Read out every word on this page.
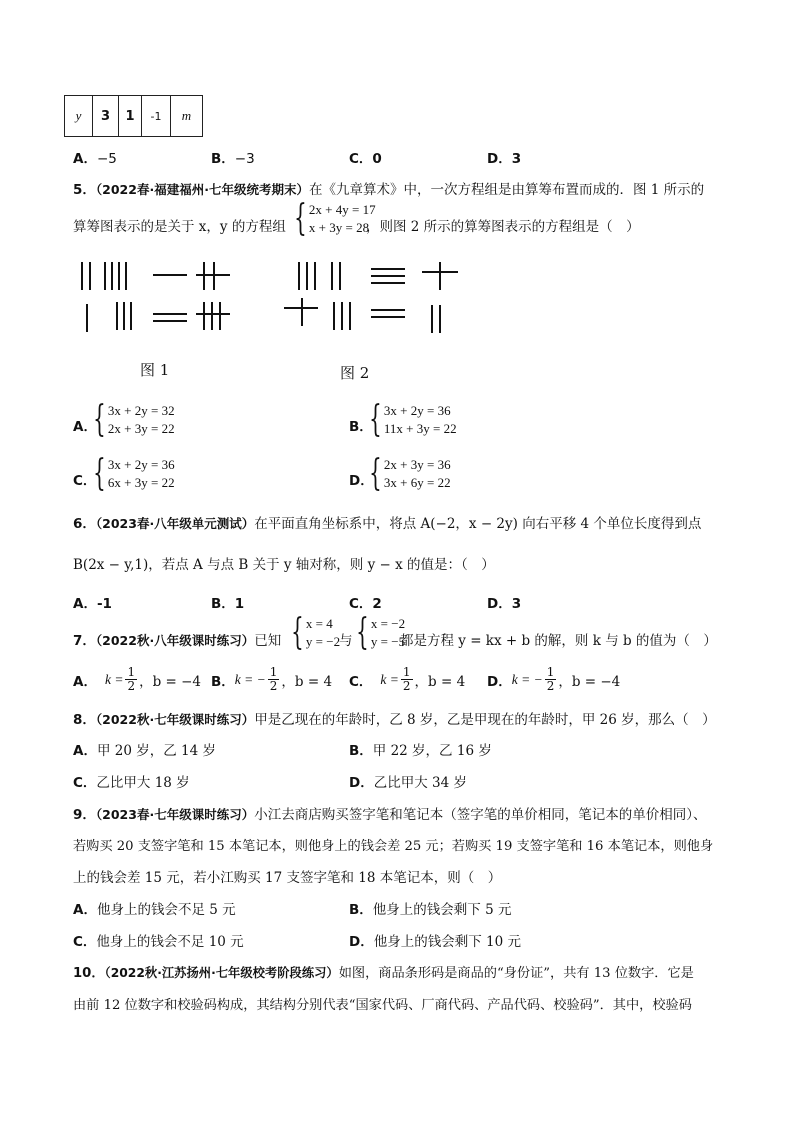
y	3	1	-1	m
A．−5	B．−3	C．0	D．3
5．（2022春·福建福州·七年级统考期末）在《九章算术》中，一次方程组是由算筹布置而成的．图 1 所示的
算筹图表示的是关于 x，y 的方程组 { 2x + 4y = 17
x + 3y = 28
，则图 2 所示的算筹图表示的方程组是（　）
图 1	图 2
A．
{ 3x + 2y = 32
2x + 3y = 22	B．
{ 3x + 2y = 36
11x + 3y = 22
C．
{ 3x + 2y = 36
6x + 3y = 22	D．
{ 2x + 3y = 36
3x + 6y = 22
6．（2023春·八年级单元测试）在平面直角坐标系中，将点 A(−2，x − 2y) 向右平移 4 个单位长度得到点
B(2x − y,1)，若点 A 与点 B 关于 y 轴对称，则 y − x 的值是：（　）
A．-1	B．1	C．2	D．3
7．（2022秋·八年级课时练习）已知 { x = 4
y = −2
与 { x = −2
y = −5
都是方程 y = kx + b 的解，则 k 与 b 的值为（　）
A． $k = \frac{1}{2}$ ，b = −4 B． k = − $\frac{1}{2}$ ，b = 4 C． $k = \frac{1}{2}$ ，b = 4 D． k = − $\frac{1}{2}$ ，b = −4
8．（2022秋·七年级课时练习）甲是乙现在的年龄时，乙 8 岁，乙是甲现在的年龄时，甲 26 岁，那么（　）
A．甲 20 岁，乙 14 岁	B．甲 22 岁，乙 16 岁
C．乙比甲大 18 岁	D．乙比甲大 34 岁
9．（2023春·七年级课时练习）小江去商店购买签字笔和笔记本（签字笔的单价相同，笔记本的单价相同）、
若购买 20 支签字笔和 15 本笔记本，则他身上的钱会差 25 元；若购买 19 支签字笔和 16 本笔记本，则他身
上的钱会差 15 元，若小江购买 17 支签字笔和 18 本笔记本，则（　）
A．他身上的钱会不足 5 元	B．他身上的钱会剩下 5 元
C．他身上的钱会不足 10 元	D．他身上的钱会剩下 10 元
10．（2022秋·江苏扬州·七年级校考阶段练习）如图，商品条形码是商品的“身份证”，共有 13 位数字．它是
由前 12 位数字和校验码构成，其结构分别代表“国家代码、厂商代码、产品代码、校验码”．其中，校验码
